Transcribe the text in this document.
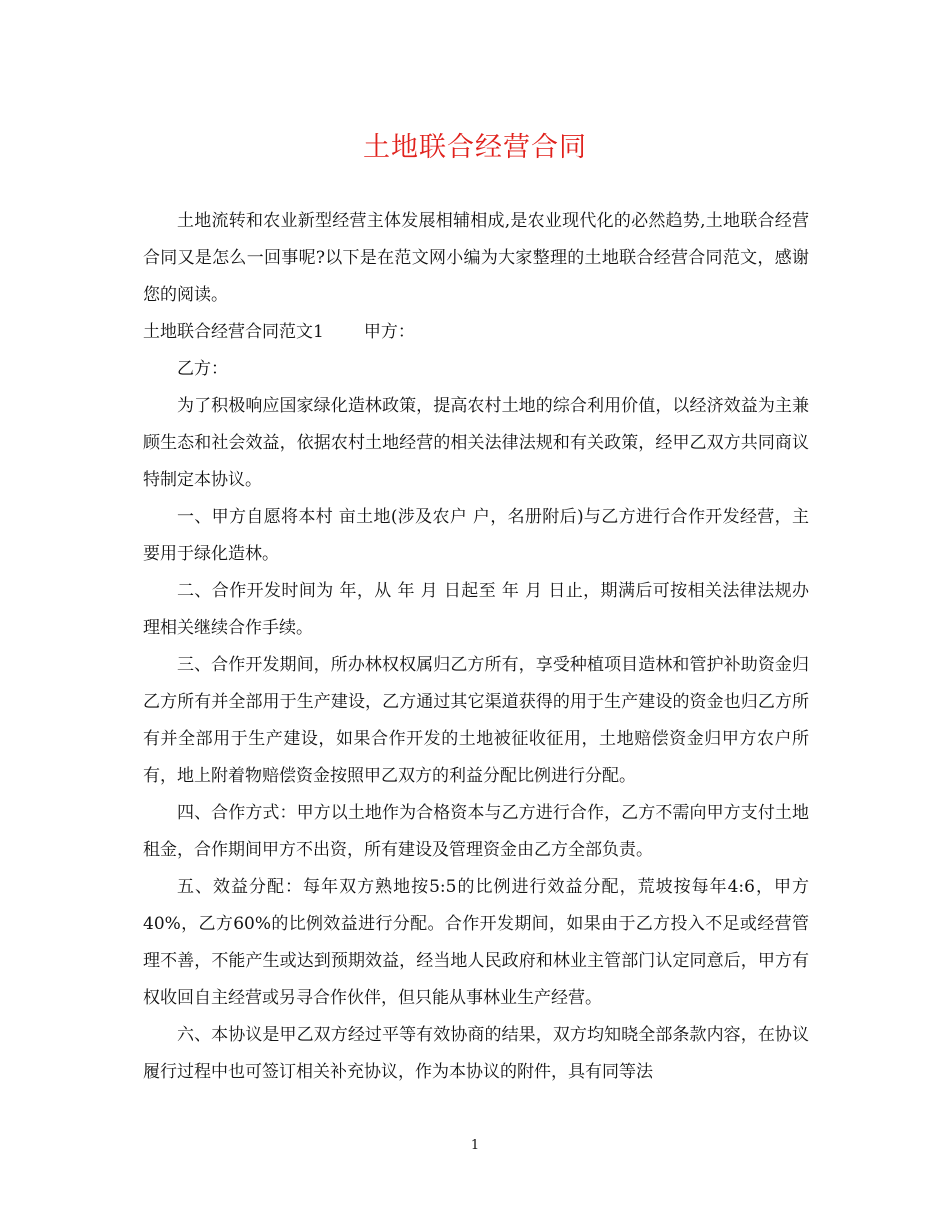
土地联合经营合同

土地流转和农业新型经营主体发展相辅相成,是农业现代化的必然趋势,土地联合经营合同又是怎么一回事呢?以下是在范文网小编为大家整理的土地联合经营合同范文，感谢您的阅读。

土地联合经营合同范文1 甲方：

乙方：

为了积极响应国家绿化造林政策，提高农村土地的综合利用价值，以经济效益为主兼顾生态和社会效益，依据农村土地经营的相关法律法规和有关政策，经甲乙双方共同商议特制定本协议。

一、甲方自愿将本村 亩土地(涉及农户 户，名册附后)与乙方进行合作开发经营，主要用于绿化造林。

二、合作开发时间为 年，从 年 月 日起至 年 月 日止，期满后可按相关法律法规办理相关继续合作手续。

三、合作开发期间，所办林权权属归乙方所有，享受种植项目造林和管护补助资金归乙方所有并全部用于生产建设，乙方通过其它渠道获得的用于生产建设的资金也归乙方所有并全部用于生产建设，如果合作开发的土地被征收征用，土地赔偿资金归甲方农户所有，地上附着物赔偿资金按照甲乙双方的利益分配比例进行分配。

四、合作方式：甲方以土地作为合格资本与乙方进行合作，乙方不需向甲方支付土地租金，合作期间甲方不出资，所有建设及管理资金由乙方全部负责。

五、效益分配：每年双方熟地按5:5的比例进行效益分配，荒坡按每年4:6，甲方40%，乙方60%的比例效益进行分配。合作开发期间，如果由于乙方投入不足或经营管理不善，不能产生或达到预期效益，经当地人民政府和林业主管部门认定同意后，甲方有权收回自主经营或另寻合作伙伴，但只能从事林业生产经营。

六、本协议是甲乙双方经过平等有效协商的结果，双方均知晓全部条款内容，在协议履行过程中也可签订相关补充协议，作为本协议的附件，具有同等法

1
